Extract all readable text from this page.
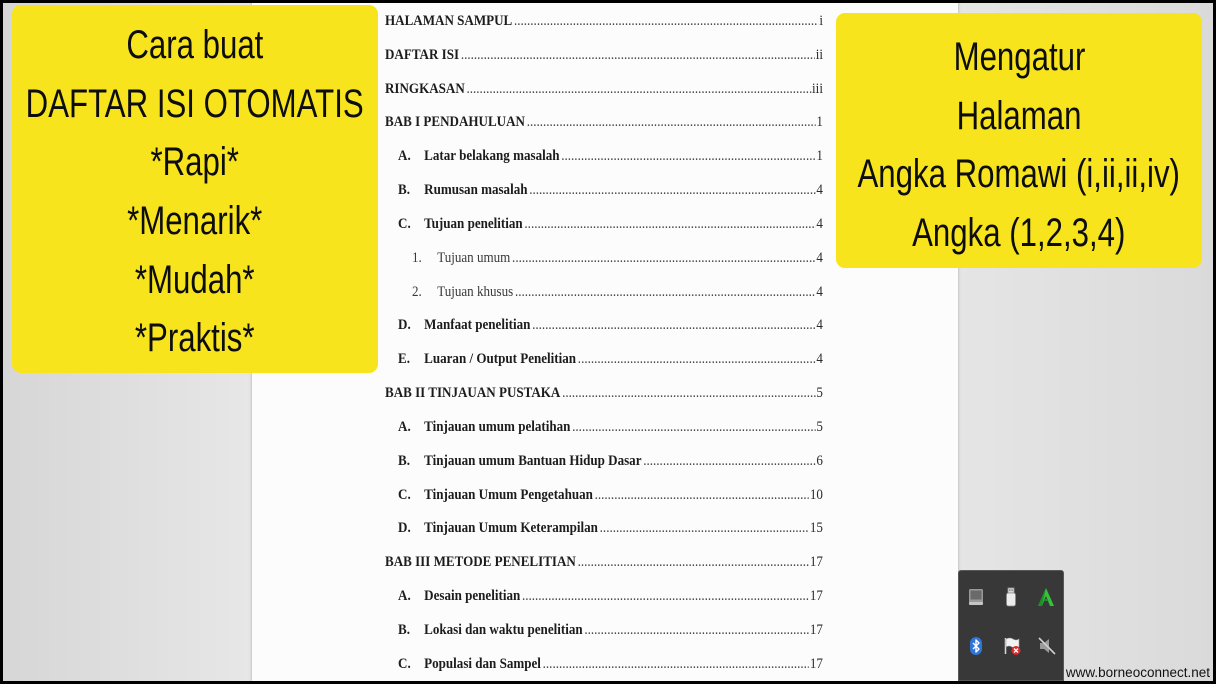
HALAMAN SAMPUL .....	i
DAFTAR ISI .....	ii
RINGKASAN .....	iii
BAB I PENDAHULUAN .....	1
A. Latar belakang masalah .....	1
B. Rumusan masalah .....	4
C. Tujuan penelitian .....	4
1.	Tujuan umum .....	4
2.	Tujuan khusus .....	4
D. Manfaat penelitian .....	4
E. Luaran / Output Penelitian .....	4
BAB II TINJAUAN PUSTAKA .....	5
A. Tinjauan umum pelatihan .....	5
B. Tinjauan umum Bantuan Hidup Dasar .....	6
C. Tinjauan Umum Pengetahuan .....	10
D. Tinjauan Umum Keterampilan .....	15
BAB III METODE PENELITIAN .....	17
A. Desain penelitian .....	17
B. Lokasi dan waktu penelitian .....	17
C. Populasi dan Sampel .....	17
Cara buat
DAFTAR ISI OTOMATIS
*Rapi*
*Menarik*
*Mudah*
*Praktis*
Mengatur
Halaman
Angka Romawi (i,ii,ii,iv)
Angka (1,2,3,4)
www.borneoconnect.net
